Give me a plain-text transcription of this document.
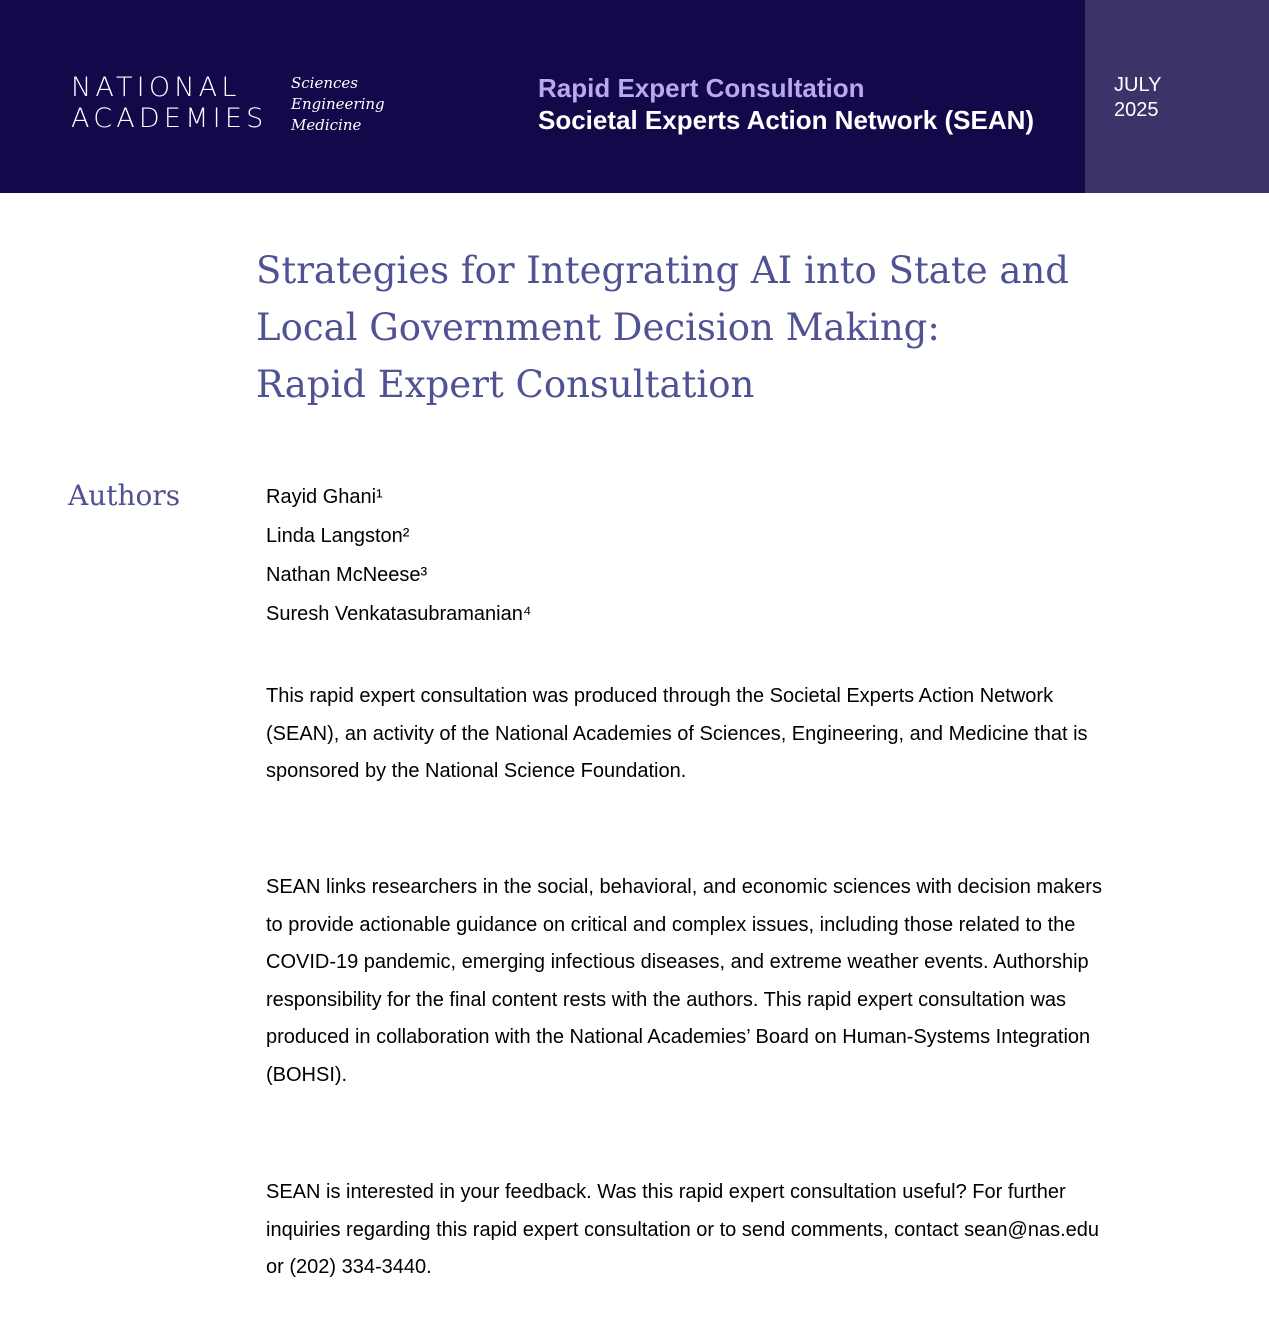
NATIONAL
ACADEMIES
Sciences
Engineering
Medicine
Rapid Expert Consultation
Societal Experts Action Network (SEAN)
JULY
2025
Strategies for Integrating AI into State and
Local Government Decision Making:
Rapid Expert Consultation
Authors	Rayid Ghani¹
Linda Langston²
Nathan McNeese³
Suresh Venkatasubramanian⁴

This rapid expert consultation was produced through the Societal Experts Action Network (SEAN), an activity of the National Academies of Sciences, Engineering, and Medicine that is sponsored by the National Science Foundation.

SEAN links researchers in the social, behavioral, and economic sciences with decision makers to provide actionable guidance on critical and complex issues, including those related to the COVID-19 pandemic, emerging infectious diseases, and extreme weather events. Authorship responsibility for the final content rests with the authors. This rapid expert consultation was produced in collaboration with the National Academies’ Board on Human-Systems Integration (BOHSI).

SEAN is interested in your feedback. Was this rapid expert consultation useful? For further inquiries regarding this rapid expert consultation or to send comments, contact sean@nas.edu or (202) 334-3440.
